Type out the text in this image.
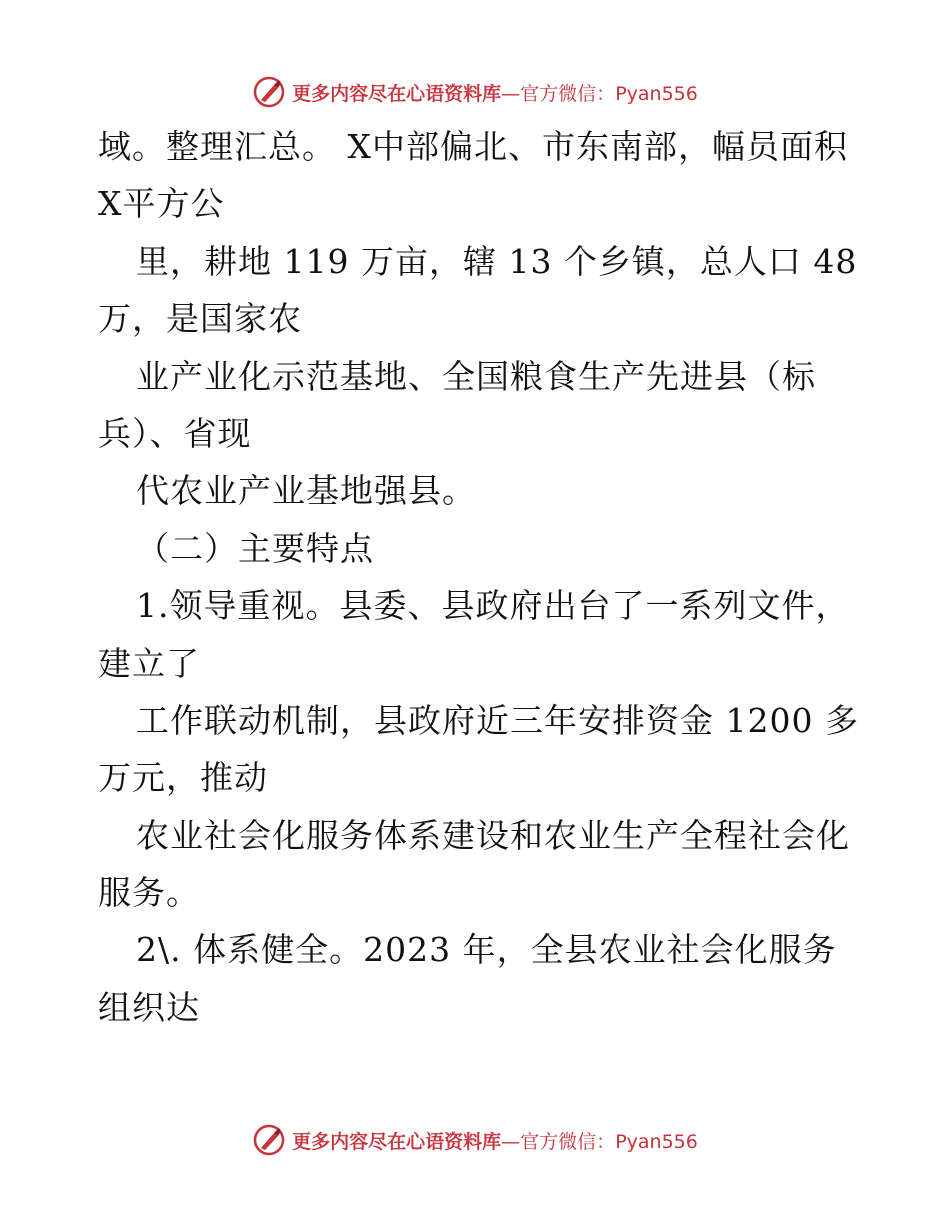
更多内容尽在心语资料库—官方微信：Pyan556
域。整理汇总。 X中部偏北、市东南部，幅员面积
X平方公
里，耕地 119 万亩，辖 13 个乡镇，总人口 48
万，是国家农
业产业化示范基地、全国粮食生产先进县（标
兵）、省现
代农业产业基地强县。
（二）主要特点
1.领导重视。县委、县政府出台了一系列文件，
建立了
工作联动机制，县政府近三年安排资金 1200 多
万元，推动
农业社会化服务体系建设和农业生产全程社会化
服务。
2\. 体系健全。2023 年，全县农业社会化服务
组织达
更多内容尽在心语资料库—官方微信：Pyan556
